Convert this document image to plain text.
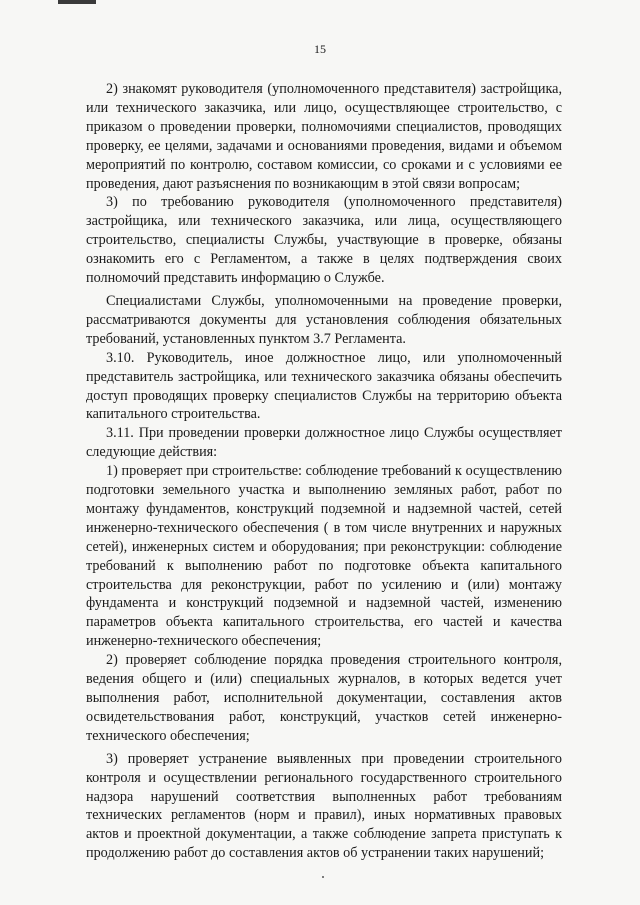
15

2) знакомят руководителя (уполномоченного представителя) застройщика, или технического заказчика, или лицо, осуществляющее строительство, с приказом о проведении проверки, полномочиями специалистов, проводящих проверку, ее целями, задачами и основаниями проведения, видами и объемом мероприятий по контролю, составом комиссии, со сроками и с условиями ее проведения, дают разъяснения по возникающим в этой связи вопросам;

3) по требованию руководителя (уполномоченного представителя) застройщика, или технического заказчика, или лица, осуществляющего строительство, специалисты Службы, участвующие в проверке, обязаны ознакомить его с Регламентом, а также в целях подтверждения своих полномочий представить информацию о Службе.

Специалистами Службы, уполномоченными на проведение проверки, рассматриваются документы для установления соблюдения обязательных требований, установленных пунктом 3.7 Регламента.

3.10. Руководитель, иное должностное лицо, или уполномоченный представитель застройщика, или технического заказчика обязаны обеспечить доступ проводящих проверку специалистов Службы на территорию объекта капитального строительства.

3.11. При проведении проверки должностное лицо Службы осуществляет следующие действия:

1) проверяет при строительстве: соблюдение требований к осуществлению подготовки земельного участка и выполнению земляных работ, работ по монтажу фундаментов, конструкций подземной и надземной частей, сетей инженерно-технического обеспечения ( в том числе внутренних и наружных сетей), инженерных систем и оборудования; при реконструкции: соблюдение требований к выполнению работ по подготовке объекта капитального строительства для реконструкции, работ по усилению и (или) монтажу фундамента и конструкций подземной и надземной частей, изменению параметров объекта капитального строительства, его частей и качества инженерно-технического обеспечения;

2) проверяет соблюдение порядка проведения строительного контроля, ведения общего и (или) специальных журналов, в которых ведется учет выполнения работ, исполнительной документации, составления актов освидетельствования работ, конструкций, участков сетей инженерно-технического обеспечения;

3) проверяет устранение выявленных при проведении строительного контроля и осуществлении регионального государственного строительного надзора нарушений соответствия выполненных работ требованиям технических регламентов (норм и правил), иных нормативных правовых актов и проектной документации, а также соблюдение запрета приступать к продолжению работ до составления актов об устранении таких нарушений;
